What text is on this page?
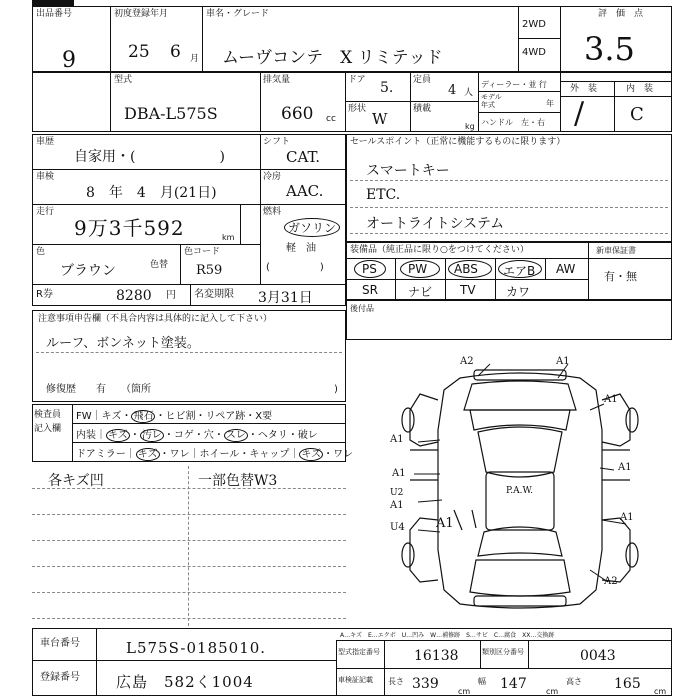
出品番号
9
初度登録年月
25 6 月
車名・グレード
ムーヴコンテ　X リミテッド
2WD
4WD
評　価　点
3.5
型式
DBA-L575S
排気量
660 cc
ドア 5. 定員
4 人
形状
W
積載
kg
ディーラー・並 行
モデル年式	年
ハンドル　左・右
外　装	内　装
/	C
車歴
自家用・(　　　　　　)
シフト
CAT.
車検
8　年　4　月(21日)
冷房
AAC.
走行
9万3千592	km
燃料
ガソリン
軽　油
(　　　　　)
色
ブラウン	色替
色コード
R59
R券	8280 円 名変期限 3月31日
セールスポイント（正常に機能するものに限ります）
スマートキー
ETC.
オートライトシステム
装備品（純正品に限り○をつけてください）	新車保証書
有・無
PS	PW ABS エアB AW
SR	ナビ TV	カワ
後付品
注意事項申告欄（不具合内容は具体的に記入して下さい）
ルーフ、ボンネット塗装。
修復歴　　有　　（箇所	)
検査員
記入欄
FW｜キズ・ 飛石 ・ヒビ割・リペア跡・X要
内装｜ キズ ・ 汚レ ・コゲ・穴・ スレ ・ヘタリ・破レ
ドアミラー｜ キズ ・ワレ｜ホイール・キャップ｜ キズ ・ワレ
各キズ凹	一部色替W3
A2	A1
A1
A1
A1
A1
A1
U2
A1
U4 A1
A2
P.A.W.
車台番号	L575S-0185010.
登録番号 広島　582く1004
A…キズ　E…エクボ　U…凹み　W…補修跡　S…サビ　C…腐食　XX…交換跡
型式指定番号 16138	類別区分番号	0043
車検証記載	長さ 339 cm
幅 147 cm
高さ 165 cm
